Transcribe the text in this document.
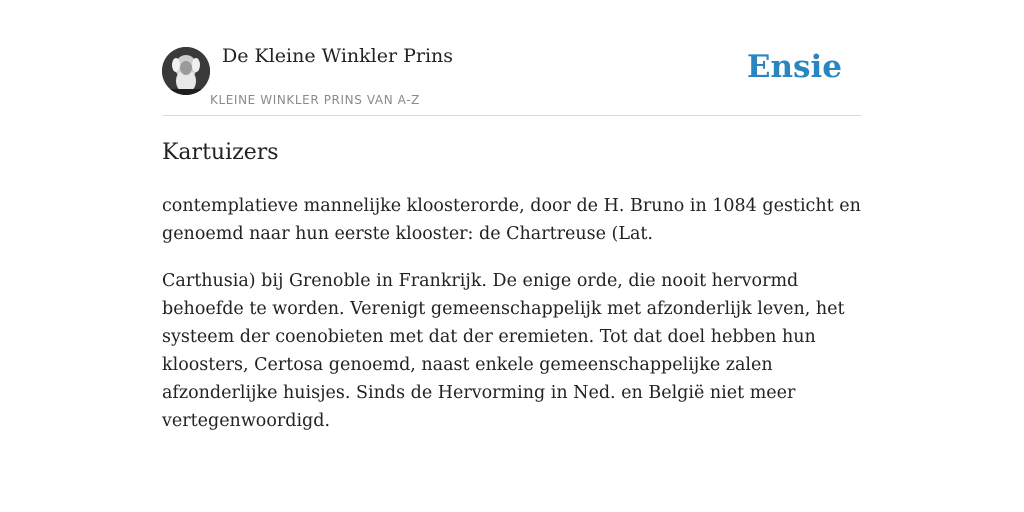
De Kleine Winkler Prins
KLEINE WINKLER PRINS VAN A-Z
Ensie
Kartuizers

contemplatieve mannelijke kloosterorde, door de H. Bruno in 1084 gesticht en genoemd naar hun eerste klooster: de Chartreuse (Lat.

Carthusia) bij Grenoble in Frankrijk. De enige orde, die nooit hervormd behoefde te worden. Verenigt gemeenschappelijk met afzonderlijk leven, het systeem der coenobieten met dat der eremieten. Tot dat doel hebben hun kloosters, Certosa genoemd, naast enkele gemeenschappelijke zalen afzonderlijke huisjes. Sinds de Hervorming in Ned. en België niet meer vertegenwoordigd.
